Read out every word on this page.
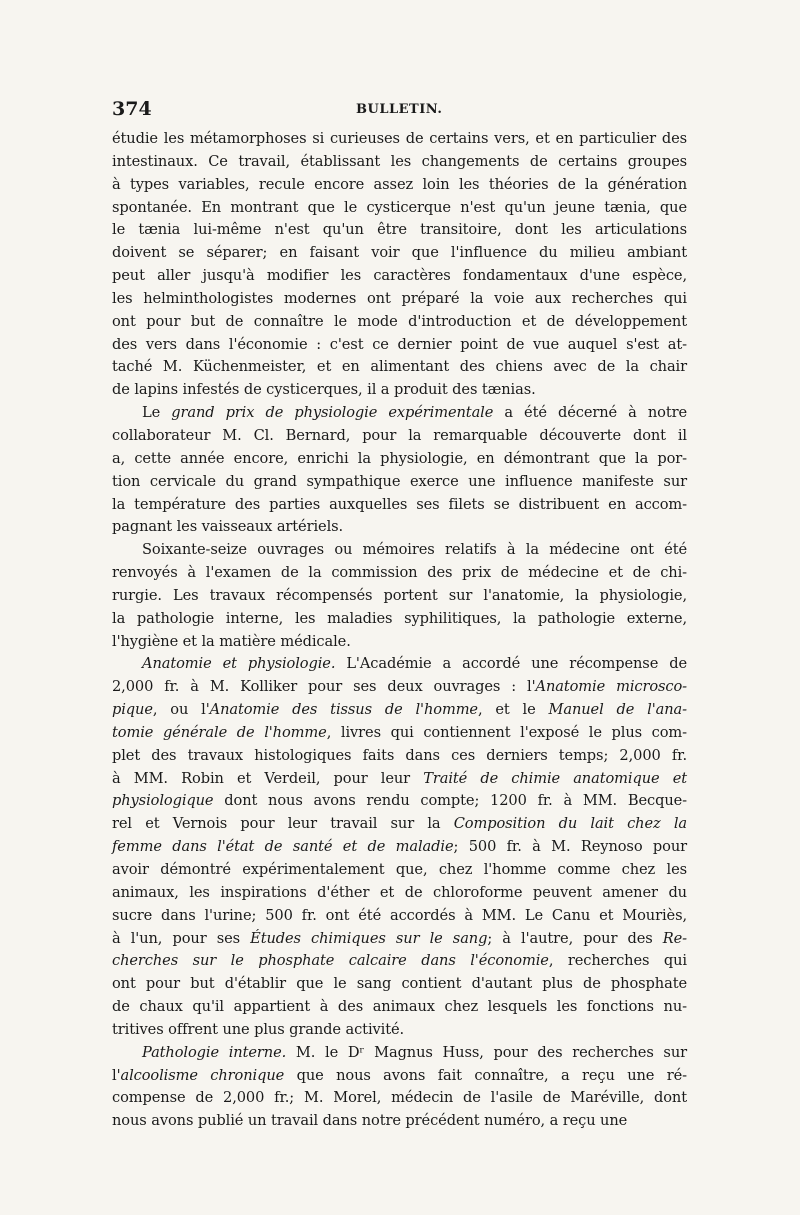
374	BULLETIN.
étudie les métamorphoses si curieuses de certains vers, et en particulier des
intestinaux. Ce travail, établissant les changements de certains groupes
à types variables, recule encore assez loin les théories de la génération
spontanée. En montrant que le cysticerque n'est qu'un jeune tænia, que
le tænia lui-même n'est qu'un être transitoire, dont les articulations
doivent se séparer; en faisant voir que l'influence du milieu ambiant
peut aller jusqu'à modifier les caractères fondamentaux d'une espèce,
les helminthologistes modernes ont préparé la voie aux recherches qui
ont pour but de connaître le mode d'introduction et de développement
des vers dans l'économie : c'est ce dernier point de vue auquel s'est at-
taché M. Küchenmeister, et en alimentant des chiens avec de la chair
de lapins infestés de cysticerques, il a produit des tænias.
Le grand prix de physiologie expérimentale a été décerné à notre
collaborateur M. Cl. Bernard, pour la remarquable découverte dont il
a, cette année encore, enrichi la physiologie, en démontrant que la por-
tion cervicale du grand sympathique exerce une influence manifeste sur
la température des parties auxquelles ses filets se distribuent en accom-
pagnant les vaisseaux artériels.
Soixante-seize ouvrages ou mémoires relatifs à la médecine ont été
renvoyés à l'examen de la commission des prix de médecine et de chi-
rurgie. Les travaux récompensés portent sur l'anatomie, la physiologie,
la pathologie interne, les maladies syphilitiques, la pathologie externe,
l'hygiène et la matière médicale.
Anatomie et physiologie. L'Académie a accordé une récompense de
2,000 fr. à M. Kolliker pour ses deux ouvrages : l'Anatomie microsco-
pique, ou l'Anatomie des tissus de l'homme, et le Manuel de l'ana-
tomie générale de l'homme, livres qui contiennent l'exposé le plus com-
plet des travaux histologiques faits dans ces derniers temps; 2,000 fr.
à MM. Robin et Verdeil, pour leur Traité de chimie anatomique et
physiologique dont nous avons rendu compte; 1200 fr. à MM. Becque-
rel et Vernois pour leur travail sur la Composition du lait chez la
femme dans l'état de santé et de maladie; 500 fr. à M. Reynoso pour
avoir démontré expérimentalement que, chez l'homme comme chez les
animaux, les inspirations d'éther et de chloroforme peuvent amener du
sucre dans l'urine; 500 fr. ont été accordés à MM. Le Canu et Mouriès,
à l'un, pour ses Études chimiques sur le sang; à l'autre, pour des Re-
cherches sur le phosphate calcaire dans l'économie, recherches qui
ont pour but d'établir que le sang contient d'autant plus de phosphate
de chaux qu'il appartient à des animaux chez lesquels les fonctions nu-
tritives offrent une plus grande activité.
Pathologie interne. M. le Dʳ Magnus Huss, pour des recherches sur
l'alcoolisme chronique que nous avons fait connaître, a reçu une ré-
compense de 2,000 fr.; M. Morel, médecin de l'asile de Maréville, dont
nous avons publié un travail dans notre précédent numéro, a reçu une
